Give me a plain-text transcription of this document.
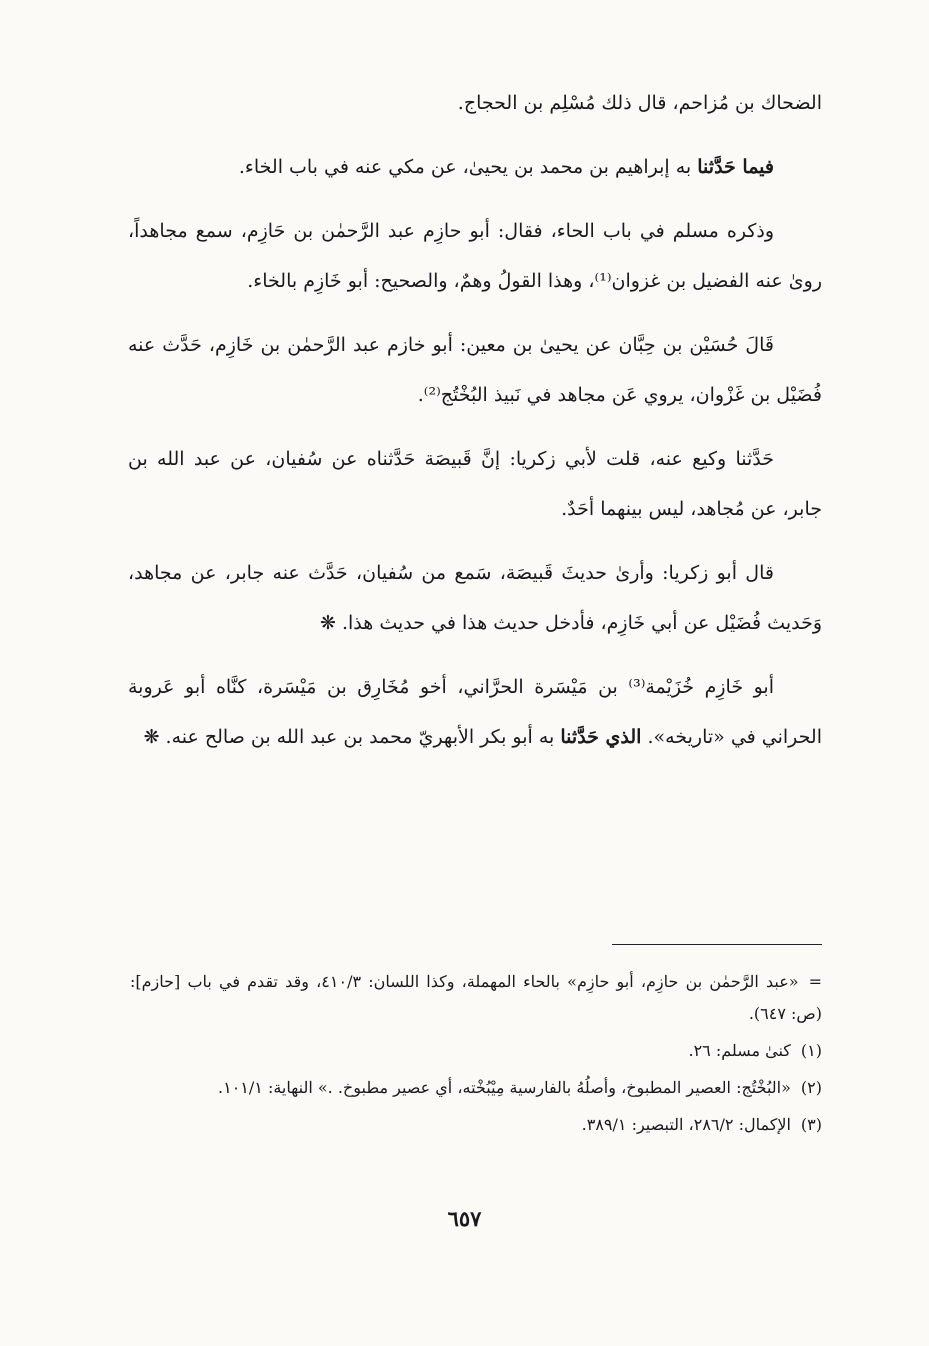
الضحاك بن مُزاحم، قال ذلك مُسْلِم بن الحجاج.

فيما حَدَّثنا به إبراهيم بن محمد بن يحيىٰ، عن مكي عنه في باب الخاء.

وذكره مسلم في باب الحاء، فقال: أبو حازِم عبد الرَّحمٰن بن حَازِم، سمع مجاهداً، روىٰ عنه الفضيل بن غزوان⁽¹⁾، وهذا القولُ وهمٌ، والصحيح: أبو خَازِم بالخاء.

قَالَ حُسَيْن بن حِبَّان عن يحيىٰ بن معين: أبو خازم عبد الرَّحمٰن بن خَازِم، حَدَّث عنه فُضَيْل بن غَزْوان، يروي عَن مجاهد في نَبيذ البُخْتُج⁽²⁾.

حَدَّثنا وكيع عنه، قلت لأبي زكريا: إنَّ قَبيصَة حَدَّثناه عن سُفيان، عن عبد الله بن جابر، عن مُجاهد، ليس بينهما أحَدٌ.

قال أبو زكريا: وأرىٰ حديثَ قَبيصَة، سَمع من سُفيان، حَدَّث عنه جابر، عن مجاهد، وَحَديث فُضَيْل عن أبي خَازِم، فأدخل حديث هذا في حديث هذا. ❋

أبو خَازِم خُزَيْمة⁽³⁾ بن مَيْسَرة الحرَّاني، أخو مُخَارِق بن مَيْسَرة، كنَّاه أبو عَروبة الحراني في «تاريخه». الذي حَدَّثنا به أبو بكر الأبهريّ محمد بن عبد الله بن صالح عنه. ❋

=«عبد الرَّحمٰن بن حازِم، أبو حازِم» بالحاء المهملة، وكذا اللسان: ٤١٠/٣، وقد تقدم في باب [حازم]: (ص: ٦٤٧).

(١)كنىٰ مسلم: ٢٦.

(٢)«البُخْتُج: العصير المطبوخ، وأصلُهُ بالفارسية مِيْبُخْته، أي عصير مطبوخ. .» النهاية: ١٠١/١.

(٣)الإكمال: ٢٨٦/٢، التبصير: ٣٨٩/١.

٦٥٧
